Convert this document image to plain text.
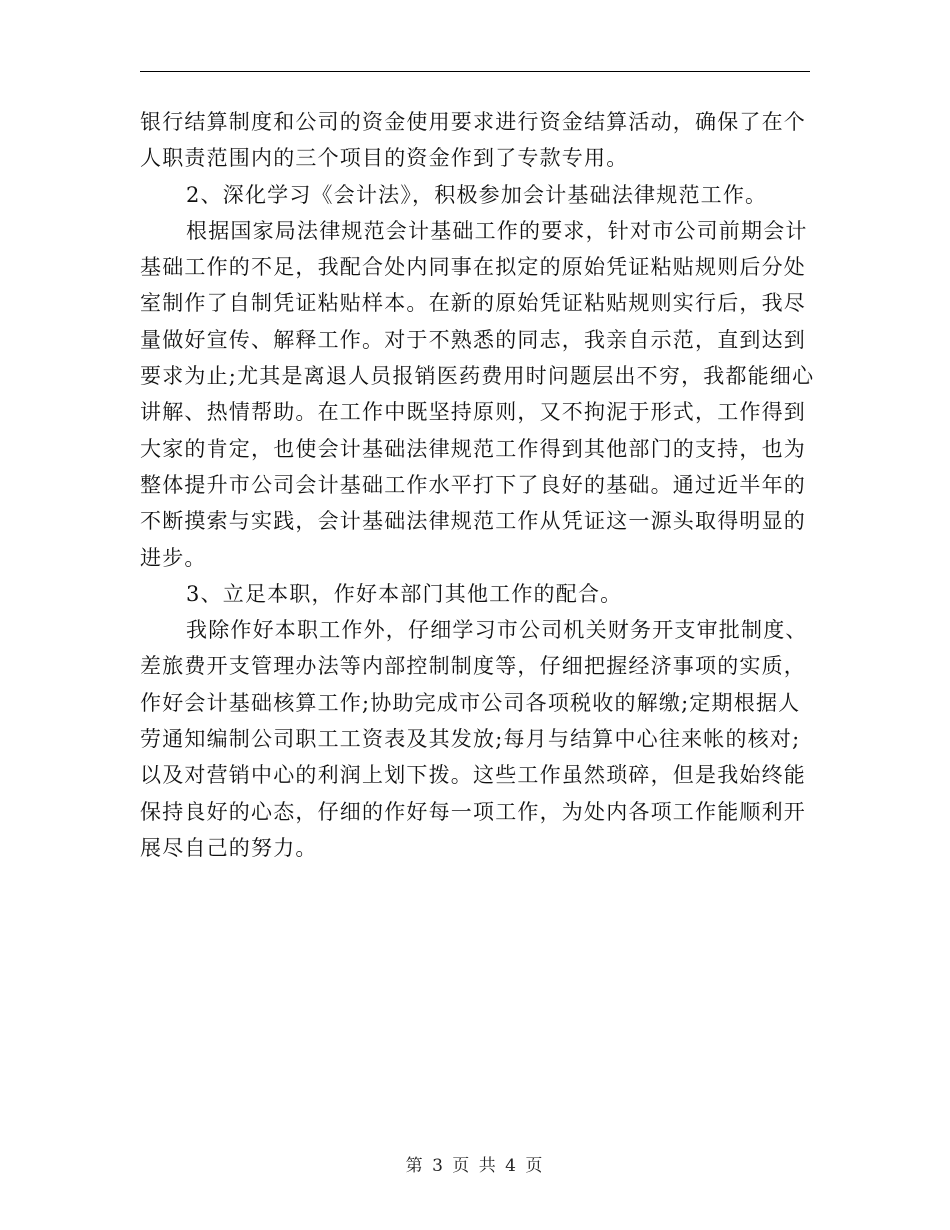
银行结算制度和公司的资金使用要求进行资金结算活动，确保了在个
人职责范围内的三个项目的资金作到了专款专用。
2、深化学习《会计法》，积极参加会计基础法律规范工作。
根据国家局法律规范会计基础工作的要求，针对市公司前期会计
基础工作的不足，我配合处内同事在拟定的原始凭证粘贴规则后分处
室制作了自制凭证粘贴样本。在新的原始凭证粘贴规则实行后，我尽
量做好宣传、解释工作。对于不熟悉的同志，我亲自示范，直到达到
要求为止;尤其是离退人员报销医药费用时问题层出不穷，我都能细心
讲解、热情帮助。在工作中既坚持原则，又不拘泥于形式，工作得到
大家的肯定，也使会计基础法律规范工作得到其他部门的支持，也为
整体提升市公司会计基础工作水平打下了良好的基础。通过近半年的
不断摸索与实践，会计基础法律规范工作从凭证这一源头取得明显的
进步。
3、立足本职，作好本部门其他工作的配合。
我除作好本职工作外，仔细学习市公司机关财务开支审批制度、
差旅费开支管理办法等内部控制制度等，仔细把握经济事项的实质，
作好会计基础核算工作;协助完成市公司各项税收的解缴;定期根据人
劳通知编制公司职工工资表及其发放;每月与结算中心往来帐的核对;
以及对营销中心的利润上划下拨。这些工作虽然琐碎，但是我始终能
保持良好的心态，仔细的作好每一项工作，为处内各项工作能顺利开
展尽自己的努力。
第 3 页 共 4 页
